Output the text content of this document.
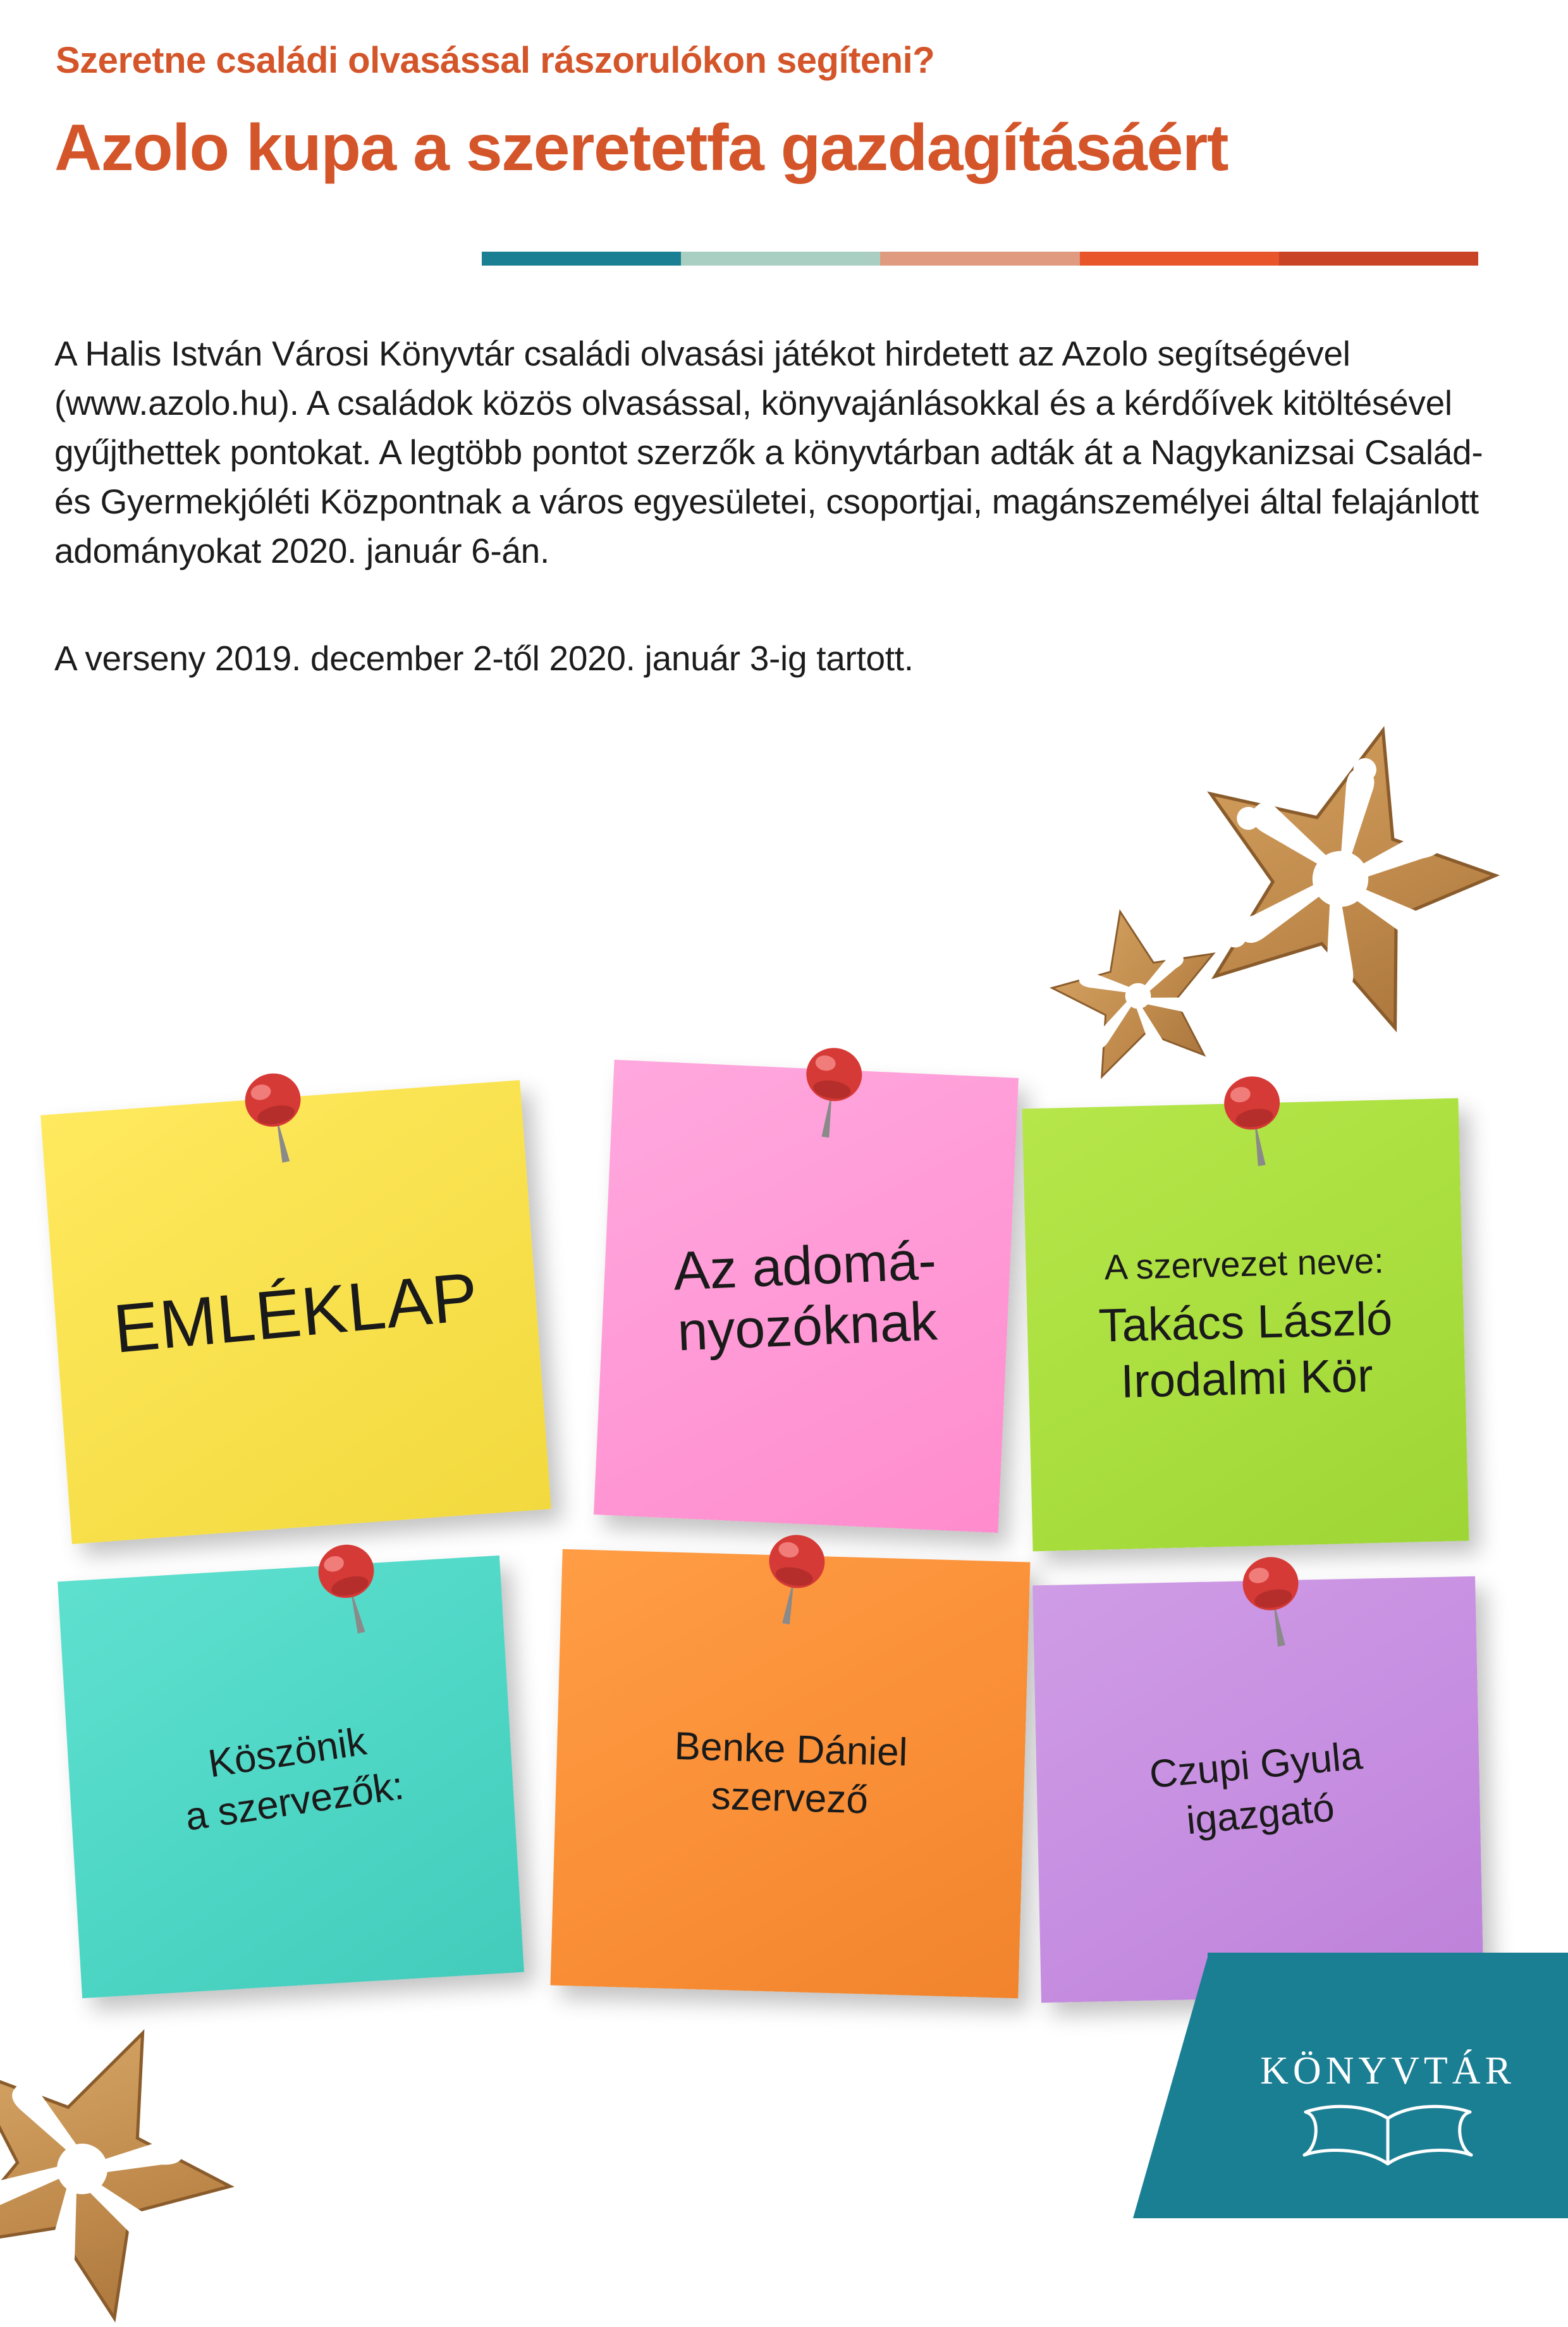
Szeretne családi olvasással rászorulókon segíteni?
Azolo kupa a szeretetfa gazdagításáért

A Halis István Városi Könyvtár családi olvasási játékot hirdetett az Azolo segítségével (www.azolo.hu). A családok közös olvasással, könyvajánlásokkal és a kérdőívek kitöltésével gyűjthettek pontokat. A legtöbb pontot szerzők a könyvtárban adták át a Nagykanizsai Család- és Gyermekjóléti Központnak a város egyesületei, csoportjai, magánszemélyei által felajánlott adományokat 2020. január 6-án.

A verseny 2019. december 2-től 2020. január 3-ig tartott.

EMLÉKLAP	Az adomá-
nyozóknak
A szervezet neve:
Takács László
Irodalmi Kör
Köszönik
a szervezők:
Benke Dániel
szervező
Czupi Gyula
igazgató
KÖNYVTÁR
